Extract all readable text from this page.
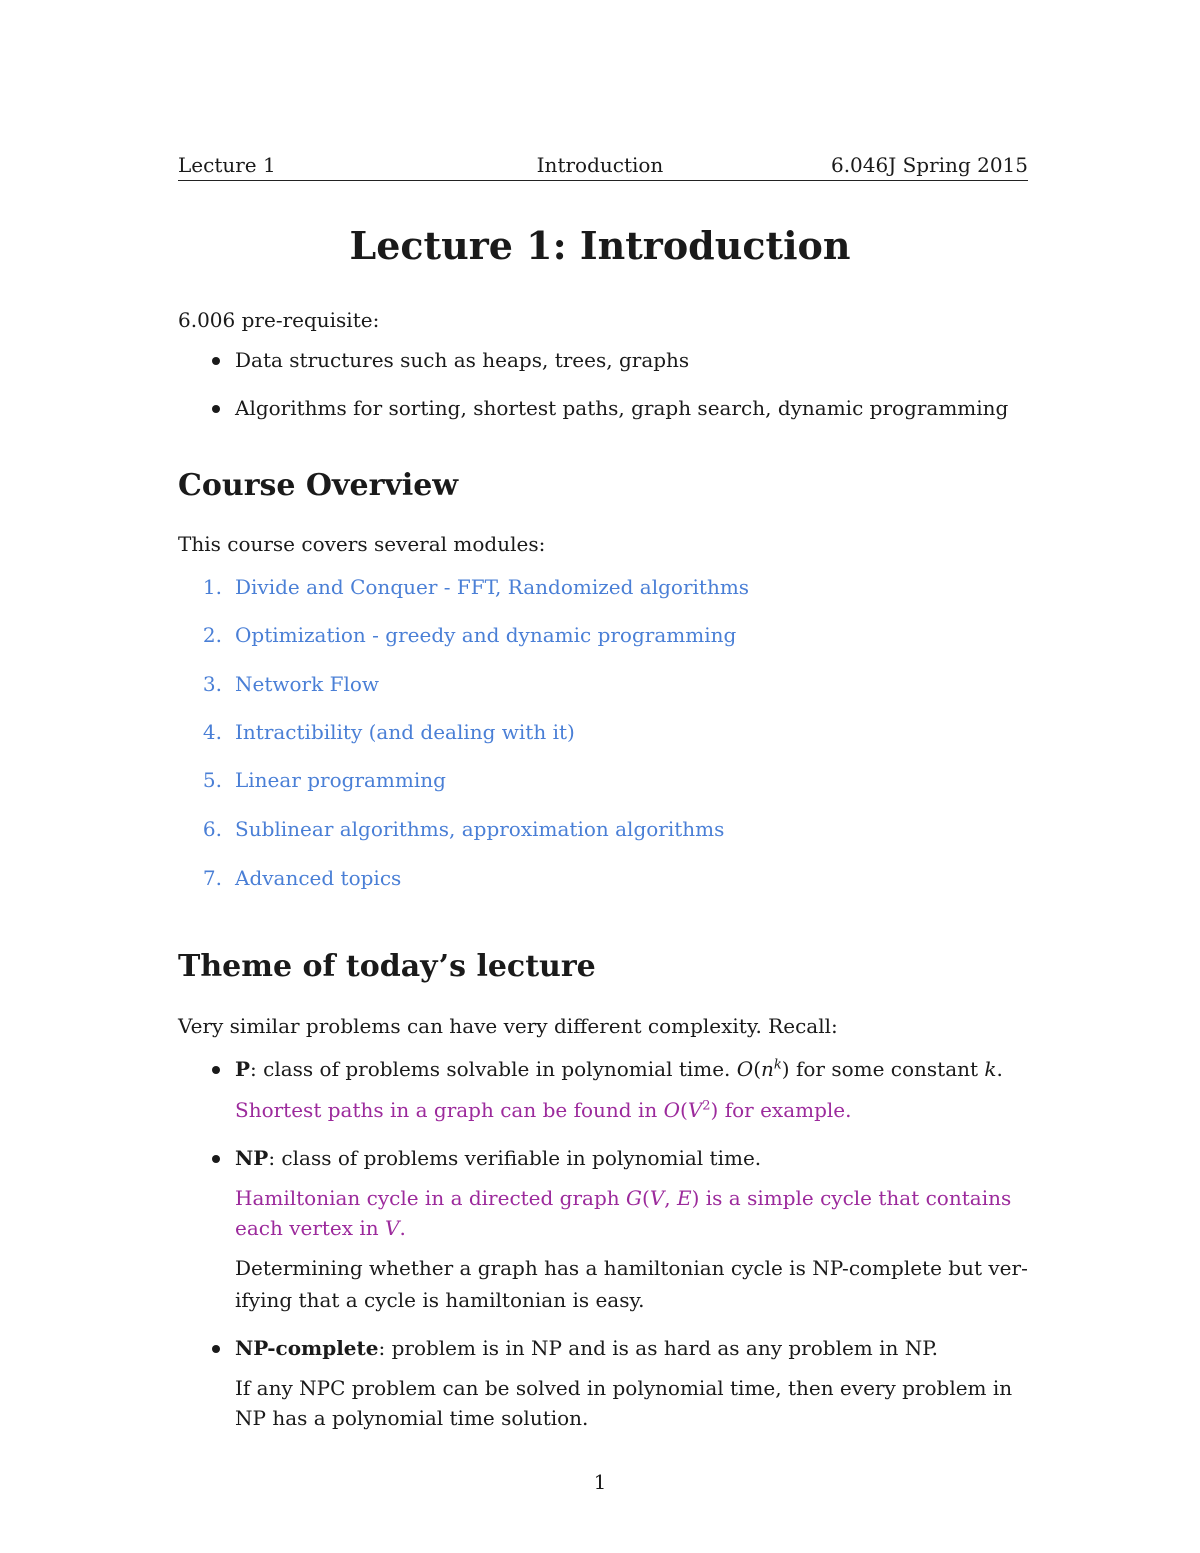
Lecture 1	Introduction	6.046J Spring 2015
Lecture 1: Introduction
6.006 pre-requisite:
Data structures such as heaps, trees, graphs
Algorithms for sorting, shortest paths, graph search, dynamic programming
Course Overview
This course covers several modules:
1. Divide and Conquer - FFT, Randomized algorithms
2. Optimization - greedy and dynamic programming
3. Network Flow
4. Intractibility (and dealing with it)
5. Linear programming
6. Sublinear algorithms, approximation algorithms
7. Advanced topics
Theme of today’s lecture
Very similar problems can have very different complexity. Recall:
P: class of problems solvable in polynomial time. $O(n^k)$ for some constant k.
Shortest paths in a graph can be found in $O(V^2)$ for example.
NP: class of problems verifiable in polynomial time.
Hamiltonian cycle in a directed graph G(V, E) is a simple cycle that contains
each vertex in V.
Determining whether a graph has a hamiltonian cycle is NP-complete but ver-
ifying that a cycle is hamiltonian is easy.
NP-complete: problem is in NP and is as hard as any problem in NP.
If any NPC problem can be solved in polynomial time, then every problem in
NP has a polynomial time solution.
1
